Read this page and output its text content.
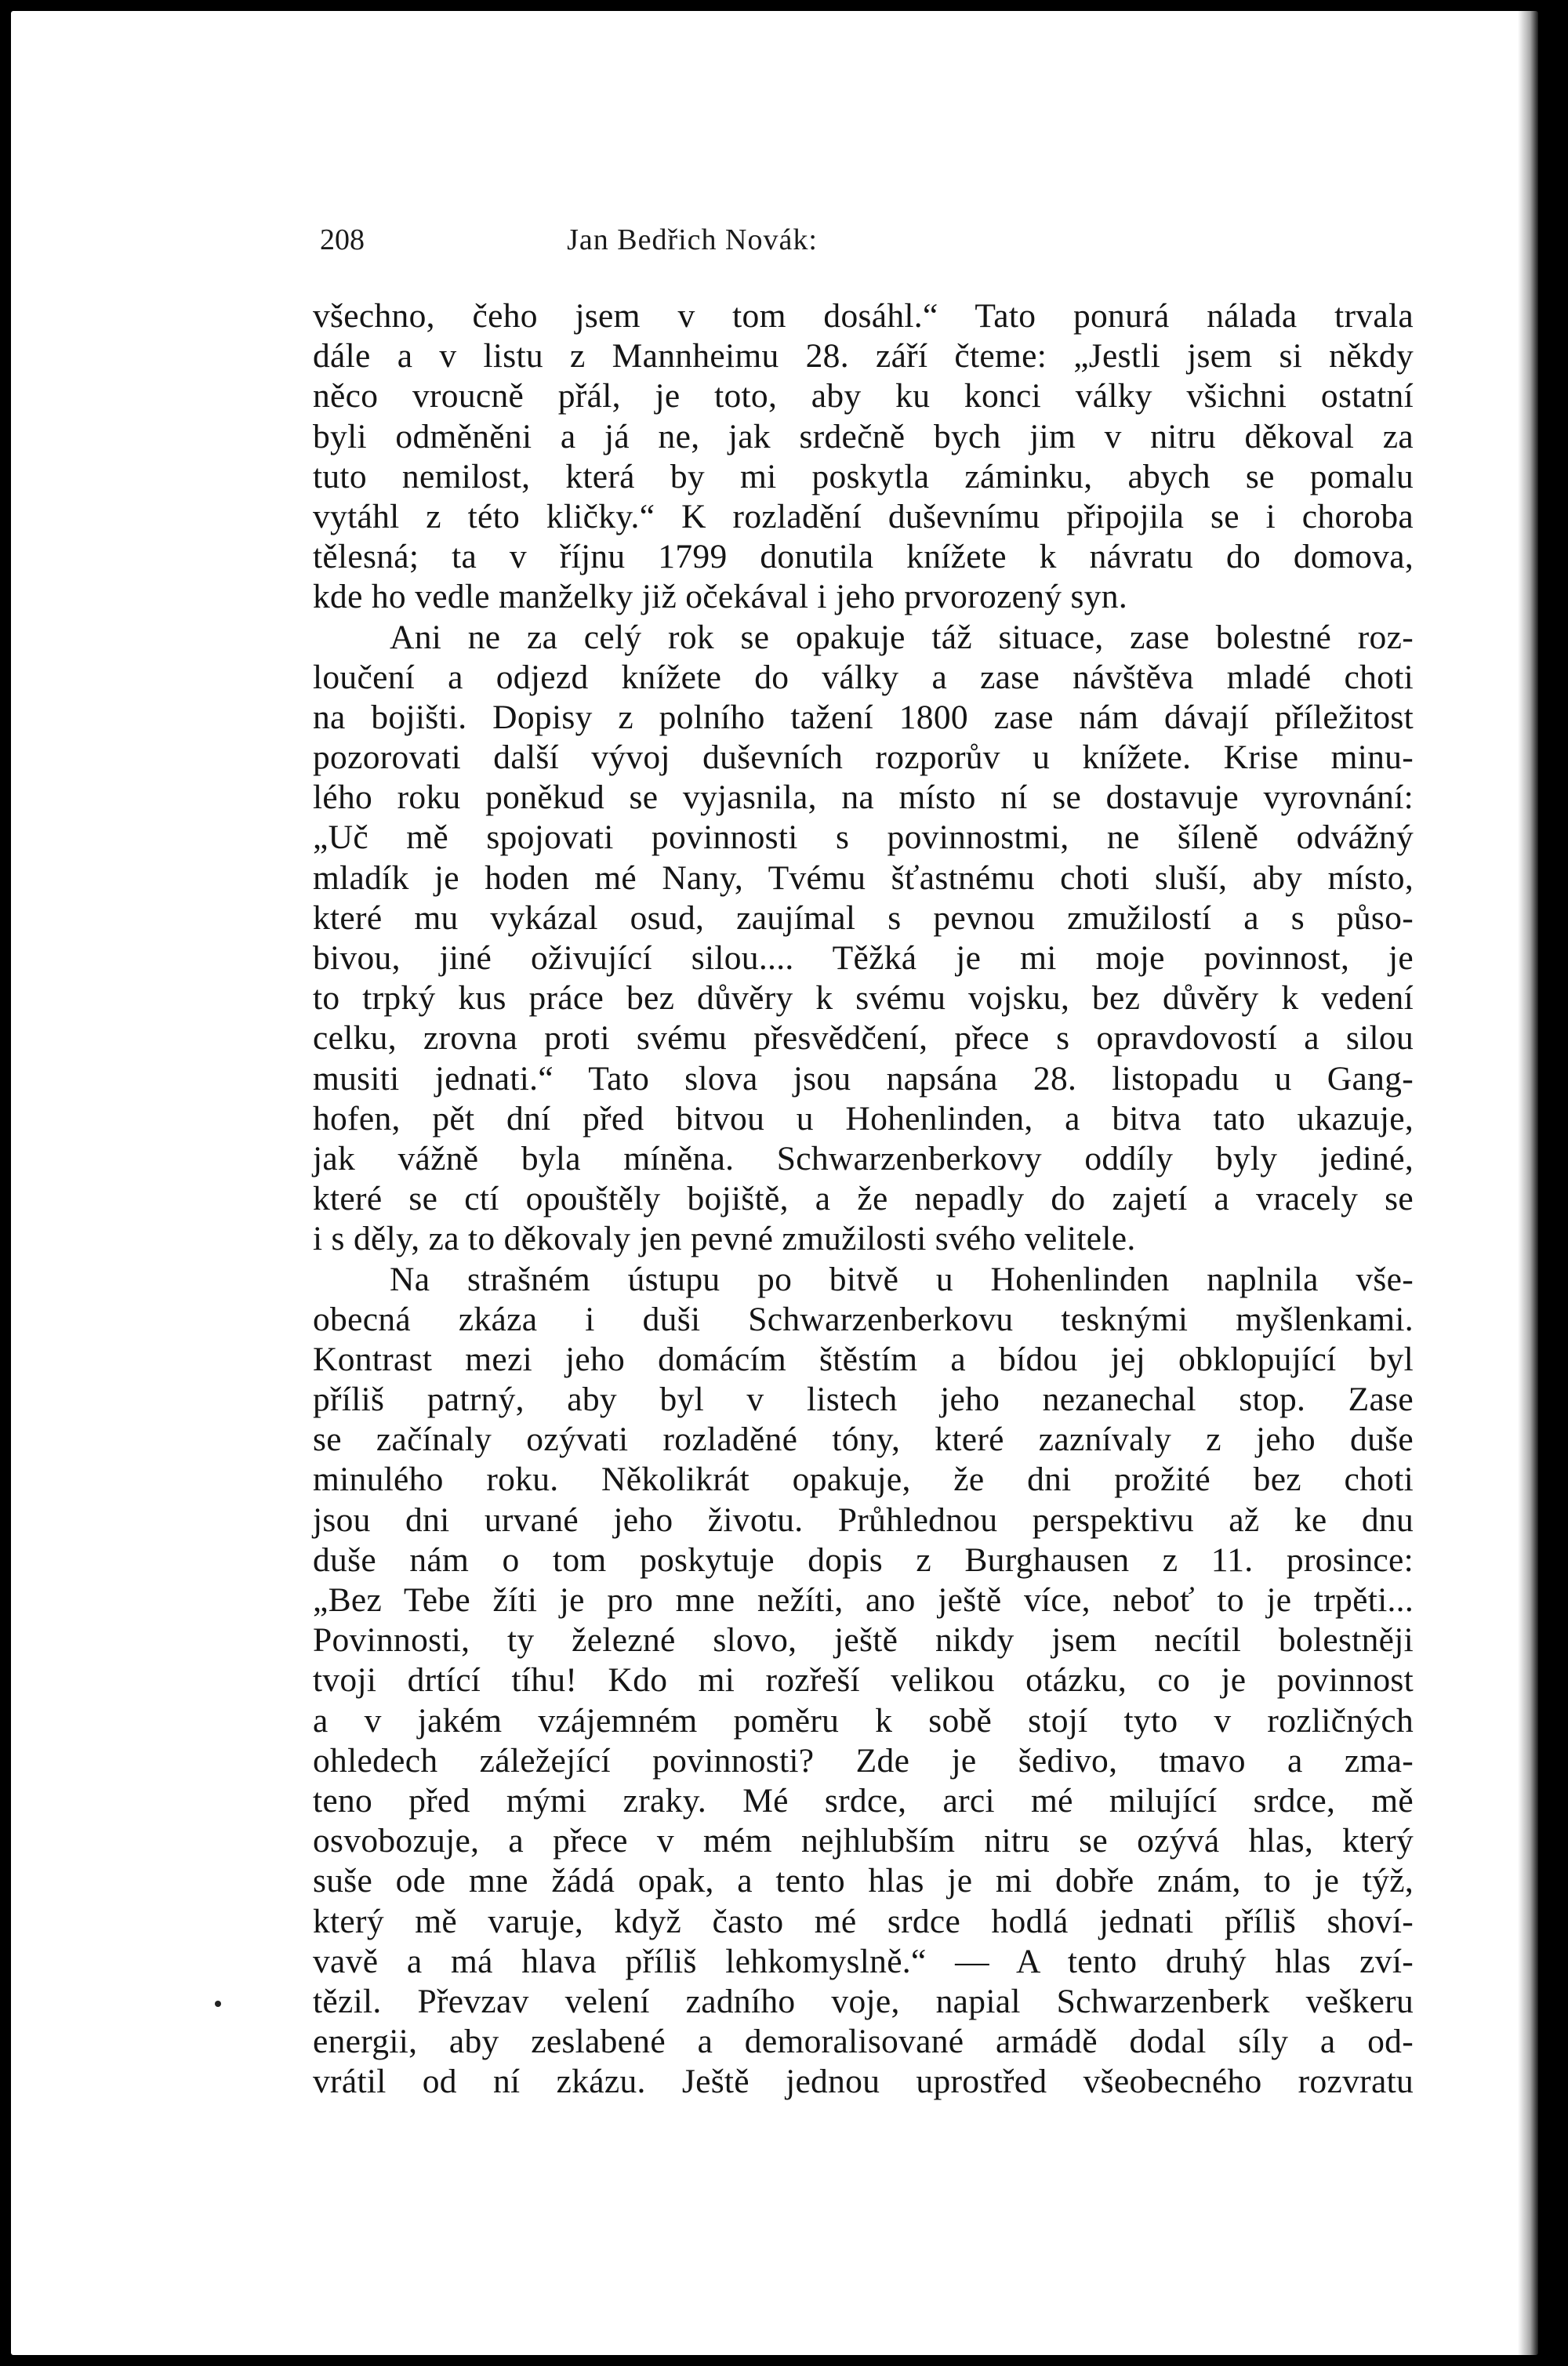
208	Jan Bedřich Novák:
všechno, čeho jsem v tom dosáhl.“ Tato ponurá nálada trvala
dále a v listu z Mannheimu 28. září čteme: „Jestli jsem si někdy
něco vroucně přál, je toto, aby ku konci války všichni ostatní
byli odměněni a já ne, jak srdečně bych jim v nitru děkoval za
tuto nemilost, která by mi poskytla záminku, abych se pomalu
vytáhl z této kličky.“ K rozladění duševnímu připojila se i choroba
tělesná; ta v říjnu 1799 donutila knížete k návratu do domova,
kde ho vedle manželky již očekával i jeho prvorozený syn.
Ani ne za celý rok se opakuje táž situace, zase bolestné roz-
loučení a odjezd knížete do války a zase návštěva mladé choti
na bojišti. Dopisy z polního tažení 1800 zase nám dávají příležitost
pozorovati další vývoj duševních rozporův u knížete. Krise minu-
lého roku poněkud se vyjasnila, na místo ní se dostavuje vyrovnání:
„Uč mě spojovati povinnosti s povinnostmi, ne šíleně odvážný
mladík je hoden mé Nany, Tvému šťastnému choti sluší, aby místo,
které mu vykázal osud, zaujímal s pevnou zmužilostí a s půso-
bivou, jiné oživující silou.... Těžká je mi moje povinnost, je
to trpký kus práce bez důvěry k svému vojsku, bez důvěry k vedení
celku, zrovna proti svému přesvědčení, přece s opravdovostí a silou
musiti jednati.“ Tato slova jsou napsána 28. listopadu u Gang-
hofen, pět dní před bitvou u Hohenlinden, a bitva tato ukazuje,
jak vážně byla míněna. Schwarzenberkovy oddíly byly jediné,
které se ctí opouštěly bojiště, a že nepadly do zajetí a vracely se
i s děly, za to děkovaly jen pevné zmužilosti svého velitele.
Na strašném ústupu po bitvě u Hohenlinden naplnila vše-
obecná zkáza i duši Schwarzenberkovu tesknými myšlenkami.
Kontrast mezi jeho domácím štěstím a bídou jej obklopující byl
příliš patrný, aby byl v listech jeho nezanechal stop. Zase
se začínaly ozývati rozladěné tóny, které zaznívaly z jeho duše
minulého roku. Několikrát opakuje, že dni prožité bez choti
jsou dni urvané jeho životu. Průhlednou perspektivu až ke dnu
duše nám o tom poskytuje dopis z Burghausen z 11. prosince:
„Bez Tebe žíti je pro mne nežíti, ano ještě více, neboť to je trpěti...
Povinnosti, ty železné slovo, ještě nikdy jsem necítil bolestněji
tvoji drtící tíhu! Kdo mi rozřeší velikou otázku, co je povinnost
a v jakém vzájemném poměru k sobě stojí tyto v rozličných
ohledech záležející povinnosti? Zde je šedivo, tmavo a zma-
teno před mými zraky. Mé srdce, arci mé milující srdce, mě
osvobozuje, a přece v mém nejhlubším nitru se ozývá hlas, který
suše ode mne žádá opak, a tento hlas je mi dobře znám, to je týž,
který mě varuje, když často mé srdce hodlá jednati příliš shoví-
vavě a má hlava příliš lehkomyslně.“ — A tento druhý hlas zví-
tězil. Převzav velení zadního voje, napial Schwarzenberk veškeru
energii, aby zeslabené a demoralisované armádě dodal síly a od-
vrátil od ní zkázu. Ještě jednou uprostřed všeobecného rozvratu
